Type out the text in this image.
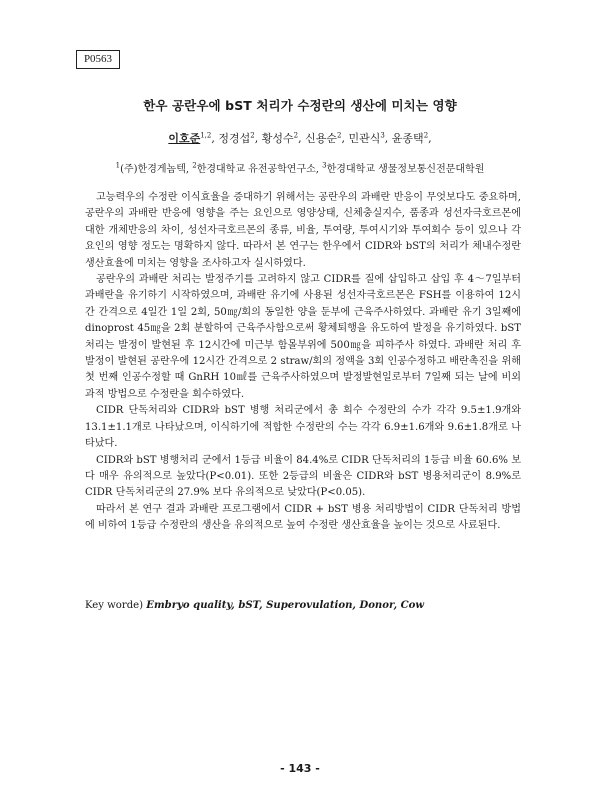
P0563
한우 공란우에 bST 처리가 수정란의 생산에 미치는 영향
이호준$^{1,2}$, 정경섭$^2$, 황성수$^2$, 신용순$^2$, 민관식$^3$, 윤종택$^2$,
$^1$(주)한경게놈텍, $^2$한경대학교 유전공학연구소, $^3$한경대학교 생물정보통신전문대학원

고능력우의 수정란 이식효율을 증대하기 위해서는 공란우의 과배란 반응이 무엇보다도 중요하며, 공란우의 과배란 반응에 영향을 주는 요인으로 영양상태, 신체충실지수, 품종과 성선자극호르몬에 대한 개체반응의 차이, 성선자극호르몬의 종류, 비율, 투여량, 투여시기와 투여회수 등이 있으나 각 요인의 영향 정도는 명확하지 않다. 따라서 본 연구는 한우에서 CIDR와 bST의 처리가 체내수정란 생산효율에 미치는 영향을 조사하고자 실시하였다.

공란우의 과배란 처리는 발정주기를 고려하지 않고 CIDR를 질에 삽입하고 삽입 후 4～7일부터 과배란을 유기하기 시작하였으며, 과배란 유기에 사용된 성선자극호르몬은 FSH를 이용하여 12시간 간격으로 4일간 1일 2회, 50㎎/회의 동일한 양을 둔부에 근육주사하였다. 과배란 유기 3일째에 dinoprost 45㎎을 2회 분할하여 근육주사함으로써 황체퇴행을 유도하여 발정을 유기하였다. bST 처리는 발정이 발현된 후 12시간에 미근부 함몰부위에 500㎎을 피하주사 하였다. 과배란 처리 후 발정이 발현된 공란우에 12시간 간격으로 2 straw/회의 정액을 3회 인공수정하고 배란촉진을 위해 첫 번째 인공수정할 때 GnRH 10㎖를 근육주사하였으며 발정발현일로부터 7일째 되는 날에 비외과적 방법으로 수정란을 회수하였다.

CIDR 단독처리와 CIDR와 bST 병행 처리군에서 총 회수 수정란의 수가 각각 9.5±1.9개와 13.1±1.1개로 나타났으며, 이식하기에 적합한 수정란의 수는 각각 6.9±1.6개와 9.6±1.8개로 나타났다.

CIDR와 bST 병행처리 군에서 1등급 비율이 84.4%로 CIDR 단독처리의 1등급 비율 60.6% 보다 매우 유의적으로 높았다(P<0.01). 또한 2등급의 비율은 CIDR와 bST 병용처리군이 8.9%로 CIDR 단독처리군의 27.9% 보다 유의적으로 낮았다(P<0.05).

따라서 본 연구 결과 과배란 프로그램에서 CIDR + bST 병용 처리방법이 CIDR 단독처리 방법에 비하여 1등급 수정란의 생산을 유의적으로 높여 수정란 생산효율을 높이는 것으로 사료된다.

Key worde) Embryo quality, bST, Superovulation, Donor, Cow
- 143 -
